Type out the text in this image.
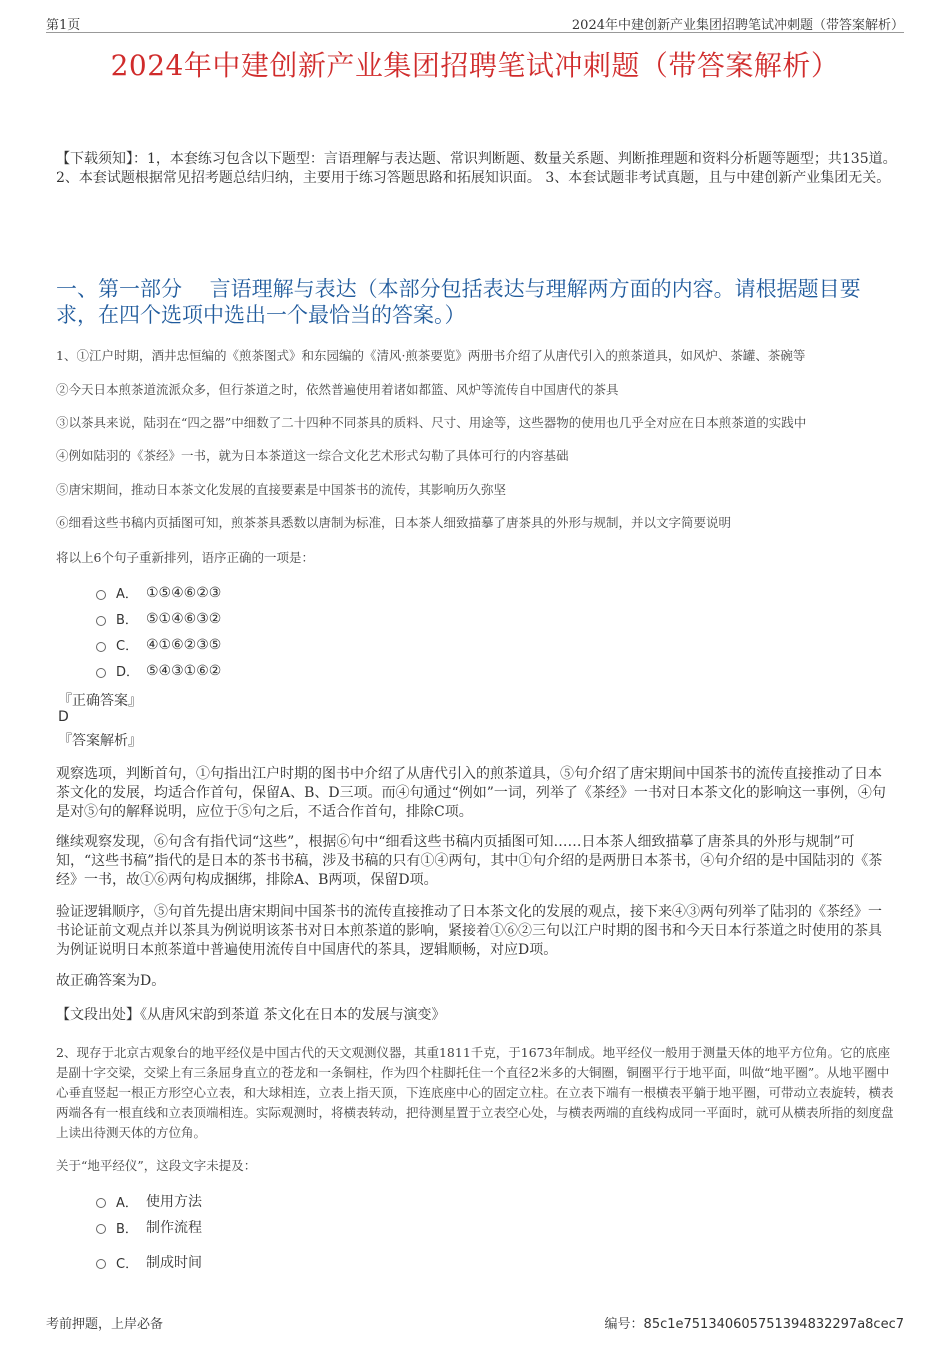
第1页	2024年中建创新产业集团招聘笔试冲刺题（带答案解析）
2024年中建创新产业集团招聘笔试冲刺题（带答案解析）
【下载须知】：1，本套练习包含以下题型：言语理解与表达题、常识判断题、数量关系题、判断推理题和资料分析题等题型；共135道。 2、本套试题根据常见招考题总结归纳，主要用于练习答题思路和拓展知识面。 3、本套试题非考试真题，且与中建创新产业集团无关。
一、第一部分　 言语理解与表达（本部分包括表达与理解两方面的内容。请根据题目要求，在四个选项中选出一个最恰当的答案。）
1、①江户时期，酒井忠恒编的《煎茶图式》和东园编的《清风·煎茶要览》两册书介绍了从唐代引入的煎茶道具，如风炉、茶罐、茶碗等
②今天日本煎茶道流派众多，但行茶道之时，依然普遍使用着诸如都篮、风炉等流传自中国唐代的茶具
③以茶具来说，陆羽在“四之器”中细数了二十四种不同茶具的质料、尺寸、用途等，这些器物的使用也几乎全对应在日本煎茶道的实践中
④例如陆羽的《茶经》一书，就为日本茶道这一综合文化艺术形式勾勒了具体可行的内容基础
⑤唐宋期间，推动日本茶文化发展的直接要素是中国茶书的流传，其影响历久弥坚
⑥细看这些书稿内页插图可知，煎茶茶具悉数以唐制为标准，日本茶人细致描摹了唐茶具的外形与规制，并以文字简要说明
将以上6个句子重新排列，语序正确的一项是：
A． ①⑤④⑥②③
B． ⑤①④⑥③②
C． ④①⑥②③⑤
D． ⑤④③①⑥②
『正确答案』
D
『答案解析』
观察选项，判断首句，①句指出江户时期的图书中介绍了从唐代引入的煎茶道具，⑤句介绍了唐宋期间中国茶书的流传直接推动了日本茶文化的发展，均适合作首句，保留A、B、D三项。而④句通过“例如”一词，列举了《茶经》一书对日本茶文化的影响这一事例，④句是对⑤句的解释说明，应位于⑤句之后，不适合作首句，排除C项。
继续观察发现，⑥句含有指代词“这些”，根据⑥句中“细看这些书稿内页插图可知……日本茶人细致描摹了唐茶具的外形与规制”可知，“这些书稿”指代的是日本的茶书书稿，涉及书稿的只有①④两句，其中①句介绍的是两册日本茶书，④句介绍的是中国陆羽的《茶经》一书，故①⑥两句构成捆绑，排除A、B两项，保留D项。
验证逻辑顺序，⑤句首先提出唐宋期间中国茶书的流传直接推动了日本茶文化的发展的观点，接下来④③两句列举了陆羽的《茶经》一书论证前文观点并以茶具为例说明该茶书对日本煎茶道的影响，紧接着①⑥②三句以江户时期的图书和今天日本行茶道之时使用的茶具为例证说明日本煎茶道中普遍使用流传自中国唐代的茶具，逻辑顺畅，对应D项。
故正确答案为D。
【文段出处】《从唐风宋韵到茶道 茶文化在日本的发展与演变》
2、现存于北京古观象台的地平经仪是中国古代的天文观测仪器，其重1811千克，于1673年制成。地平经仪一般用于测量天体的地平方位角。它的底座是副十字交梁，交梁上有三条屈身直立的苍龙和一条铜柱，作为四个柱脚托住一个直径2米多的大铜圈，铜圈平行于地平面，叫做“地平圈”。从地平圈中心垂直竖起一根正方形空心立表，和大球相连，立表上指天顶，下连底座中心的固定立柱。在立表下端有一根横表平躺于地平圈，可带动立表旋转，横表两端各有一根直线和立表顶端相连。实际观测时，将横表转动，把待测星置于立表空心处，与横表两端的直线构成同一平面时，就可从横表所指的刻度盘上读出待测天体的方位角。
关于“地平经仪”，这段文字未提及：
A． 使用方法
B． 制作流程
C． 制成时间
考前押题，上岸必备	编号：85c1e75134060575139483​2297a8cec7
